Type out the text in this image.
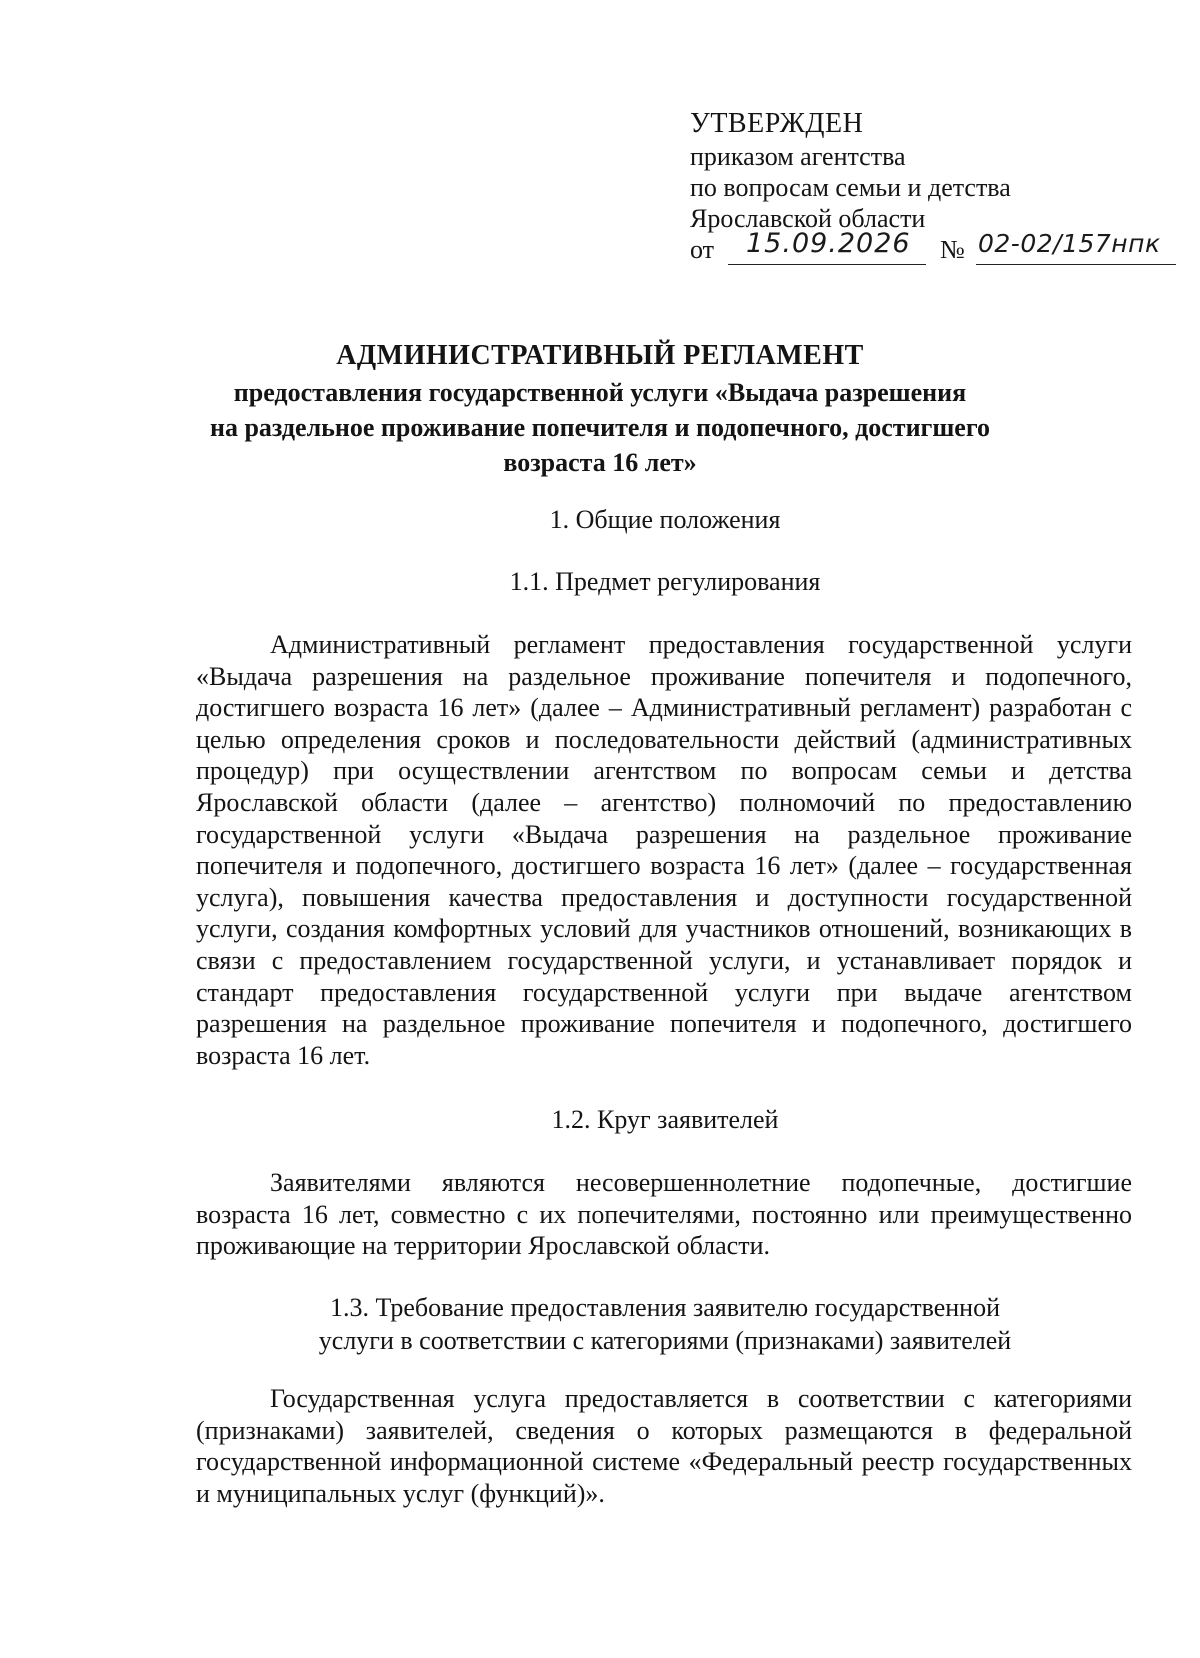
УТВЕРЖДЕН
приказом агентства
по вопросам семьи и детства
Ярославской области
от 15.09.2026 № 02-02/157нпк
АДМИНИСТРАТИВНЫЙ РЕГЛАМЕНТ
предоставления государственной услуги «Выдача разрешения
на раздельное проживание попечителя и подопечного, достигшего
возраста 16 лет»
1. Общие положения
1.1. Предмет регулирования
Административный регламент предоставления государственной услуги «Выдача разрешения на раздельное проживание попечителя и подопечного, достигшего возраста 16 лет» (далее – Административный регламент) разработан с целью определения сроков и последовательности действий (административных процедур) при осуществлении агентством по вопросам семьи и детства Ярославской области (далее – агентство) полномочий по предоставлению государственной услуги «Выдача разрешения на раздельное проживание попечителя и подопечного, достигшего возраста 16 лет» (далее – государственная услуга), повышения качества предоставления и доступности государственной услуги, создания комфортных условий для участников отношений, возникающих в связи с предоставлением государственной услуги, и устанавливает порядок и стандарт предоставления государственной услуги при выдаче агентством разрешения на раздельное проживание попечителя и подопечного, достигшего возраста 16 лет.
1.2. Круг заявителей
Заявителями являются несовершеннолетние подопечные, достигшие возраста 16 лет, совместно с их попечителями, постоянно или преимущественно проживающие на территории Ярославской области.
1.3. Требование предоставления заявителю государственной
услуги в соответствии с категориями (признаками) заявителей
Государственная услуга предоставляется в соответствии с категориями (признаками) заявителей, сведения о которых размещаются в федеральной государственной информационной системе «Федеральный реестр государственных и муниципальных услуг (функций)».
